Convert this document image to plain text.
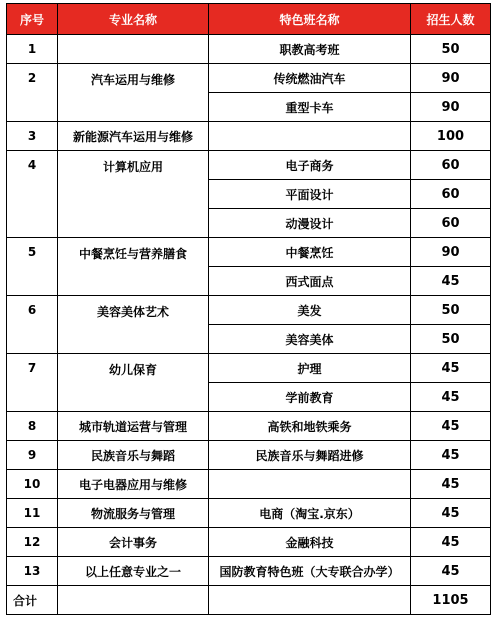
序号	专业名称	特色班名称	招生人数
1		职教高考班	50
2	汽车运用与维修	传统燃油汽车	90
		重型卡车	90
3	新能源汽车运用与维修		100
4	计算机应用	电子商务	60
		平面设计	60
		动漫设计	60
5	中餐烹饪与营养膳食	中餐烹饪	90
		西式面点	45
6	美容美体艺术	美发	50
		美容美体	50
7	幼儿保育	护理	45
		学前教育	45
8	城市轨道运营与管理	高铁和地铁乘务	45
9	民族音乐与舞蹈	民族音乐与舞蹈进修	45
10	电子电器应用与维修		45
11	物流服务与管理	电商（淘宝.京东）	45
12	会计事务	金融科技	45
13	以上任意专业之一	国防教育特色班（大专联合办学）	45
合计			1105
